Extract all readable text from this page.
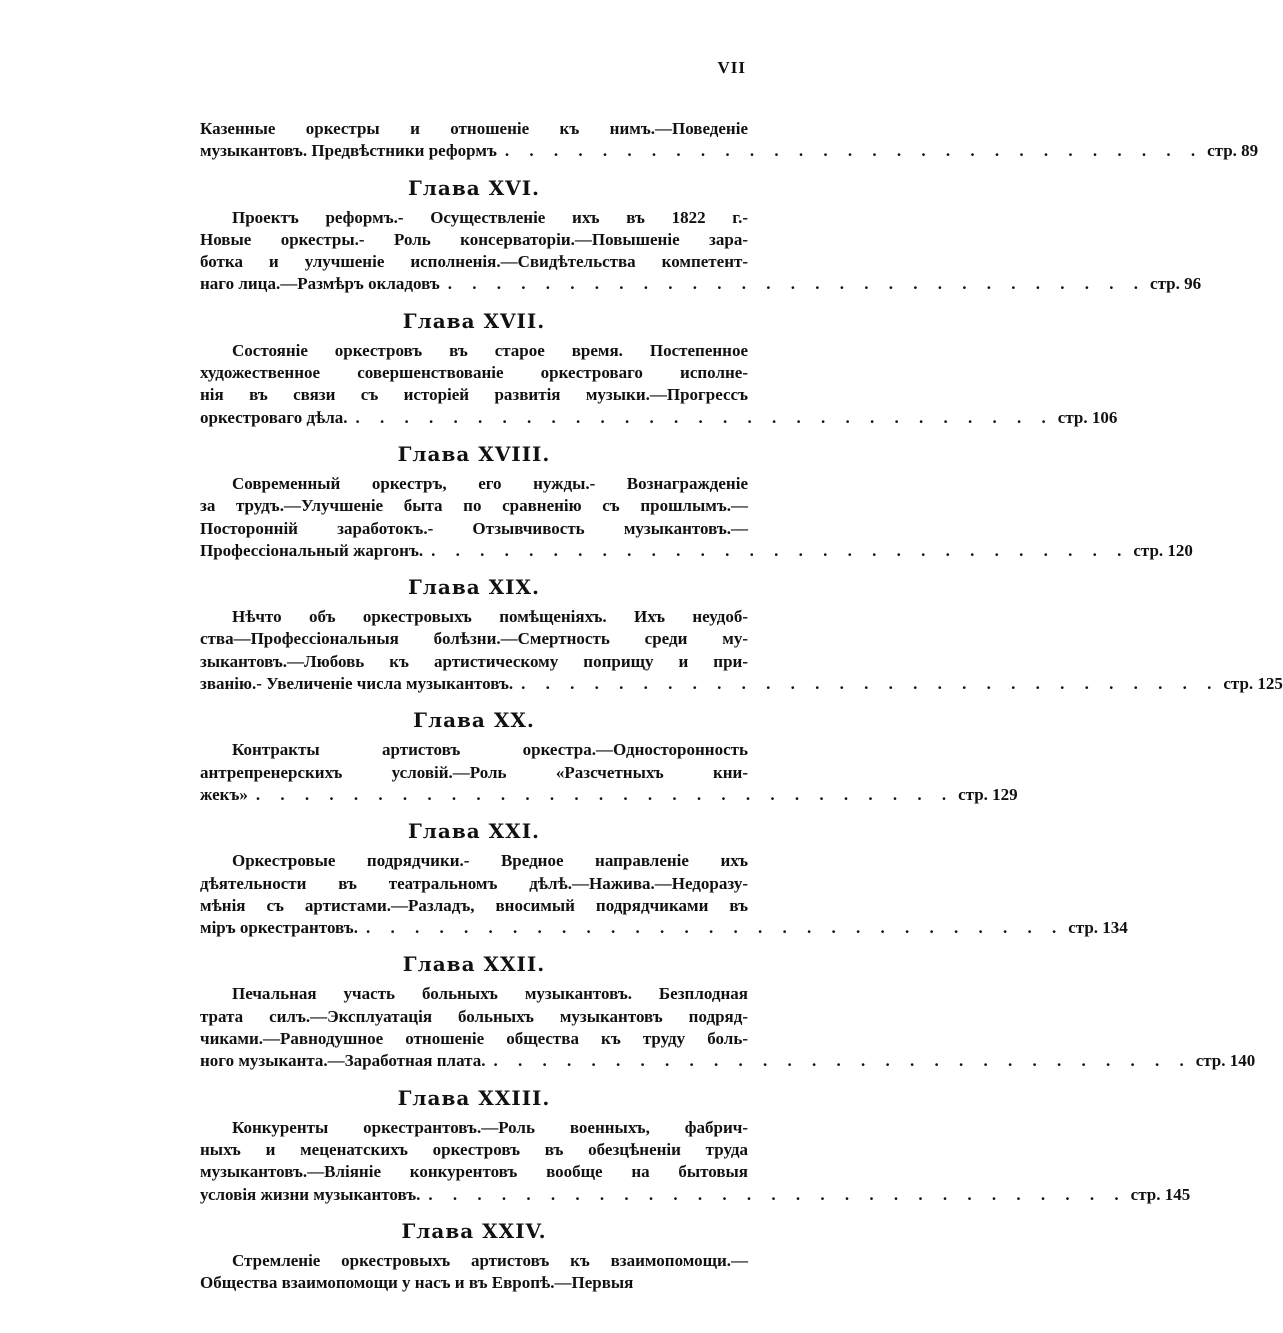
VII
Казенные оркестры и отношеніе къ нимъ.—Поведеніе
музыкантовъ. Предвѣстники реформъ . . . . . . . . . . . . . . . . . . . . . . . . . . . . . стр. 89
Глава XVI.
Проектъ реформъ.- Осуществленіе ихъ въ 1822 г.-
Новые оркестры.- Роль консерваторіи.—Повышеніе зара-
ботка и улучшеніе исполненія.—Свидѣтельства компетент-
наго лица.—Размѣръ окладовъ . . . . . . . . . . . . . . . . . . . . . . . . . . . . . стр. 96
Глава XVII.
Состояніе оркестровъ въ старое время. Постепенное
художественное совершенствованіе оркестроваго исполне-
нія въ связи съ исторіей развитія музыки.—Прогрессъ
оркестроваго дѣла. . . . . . . . . . . . . . . . . . . . . . . . . . . . . . стр. 106
Глава XVIII.
Современный оркестръ, его нужды.- Вознагражденіе
за трудъ.—Улучшеніе быта по сравненію съ прошлымъ.—
Посторонній заработокъ.- Отзывчивость музыкантовъ.—
Профессіональный жаргонъ. . . . . . . . . . . . . . . . . . . . . . . . . . . . . . стр. 120
Глава XIX.
Нѣчто объ оркестровыхъ помѣщеніяхъ. Ихъ неудоб-
ства—Профессіональныя болѣзни.—Смертность среди му-
зыкантовъ.—Любовь къ артистическому поприщу и при-
званію.- Увеличеніе числа музыкантовъ. . . . . . . . . . . . . . . . . . . . . . . . . . . . . . стр. 125
Глава XX.
Контракты артистовъ оркестра.—Односторонность
антрепренерскихъ условій.—Роль «Разсчетныхъ кни-
жекъ» . . . . . . . . . . . . . . . . . . . . . . . . . . . . . стр. 129
Глава XXI.
Оркестровые подрядчики.- Вредное направленіе ихъ
дѣятельности въ театральномъ дѣлѣ.—Нажива.—Недоразу-
мѣнія съ артистами.—Разладъ, вносимый подрядчиками въ
міръ оркестрантовъ. . . . . . . . . . . . . . . . . . . . . . . . . . . . . . стр. 134
Глава XXII.
Печальная участь больныхъ музыкантовъ. Безплодная
трата силъ.—Эксплуатація больныхъ музыкантовъ подряд-
чиками.—Равнодушное отношеніе общества къ труду боль-
ного музыканта.—Заработная плата. . . . . . . . . . . . . . . . . . . . . . . . . . . . . . стр. 140
Глава XXIII.
Конкуренты оркестрантовъ.—Роль военныхъ, фабрич-
ныхъ и меценатскихъ оркестровъ въ обезцѣненіи труда
музыкантовъ.—Вліяніе конкурентовъ вообще на бытовыя
условія жизни музыкантовъ. . . . . . . . . . . . . . . . . . . . . . . . . . . . . . стр. 145
Глава XXIV.
Стремленіе оркестровыхъ артистовъ къ взаимопомощи.—
Общества взаимопомощи у насъ и въ Европѣ.—Первыя
